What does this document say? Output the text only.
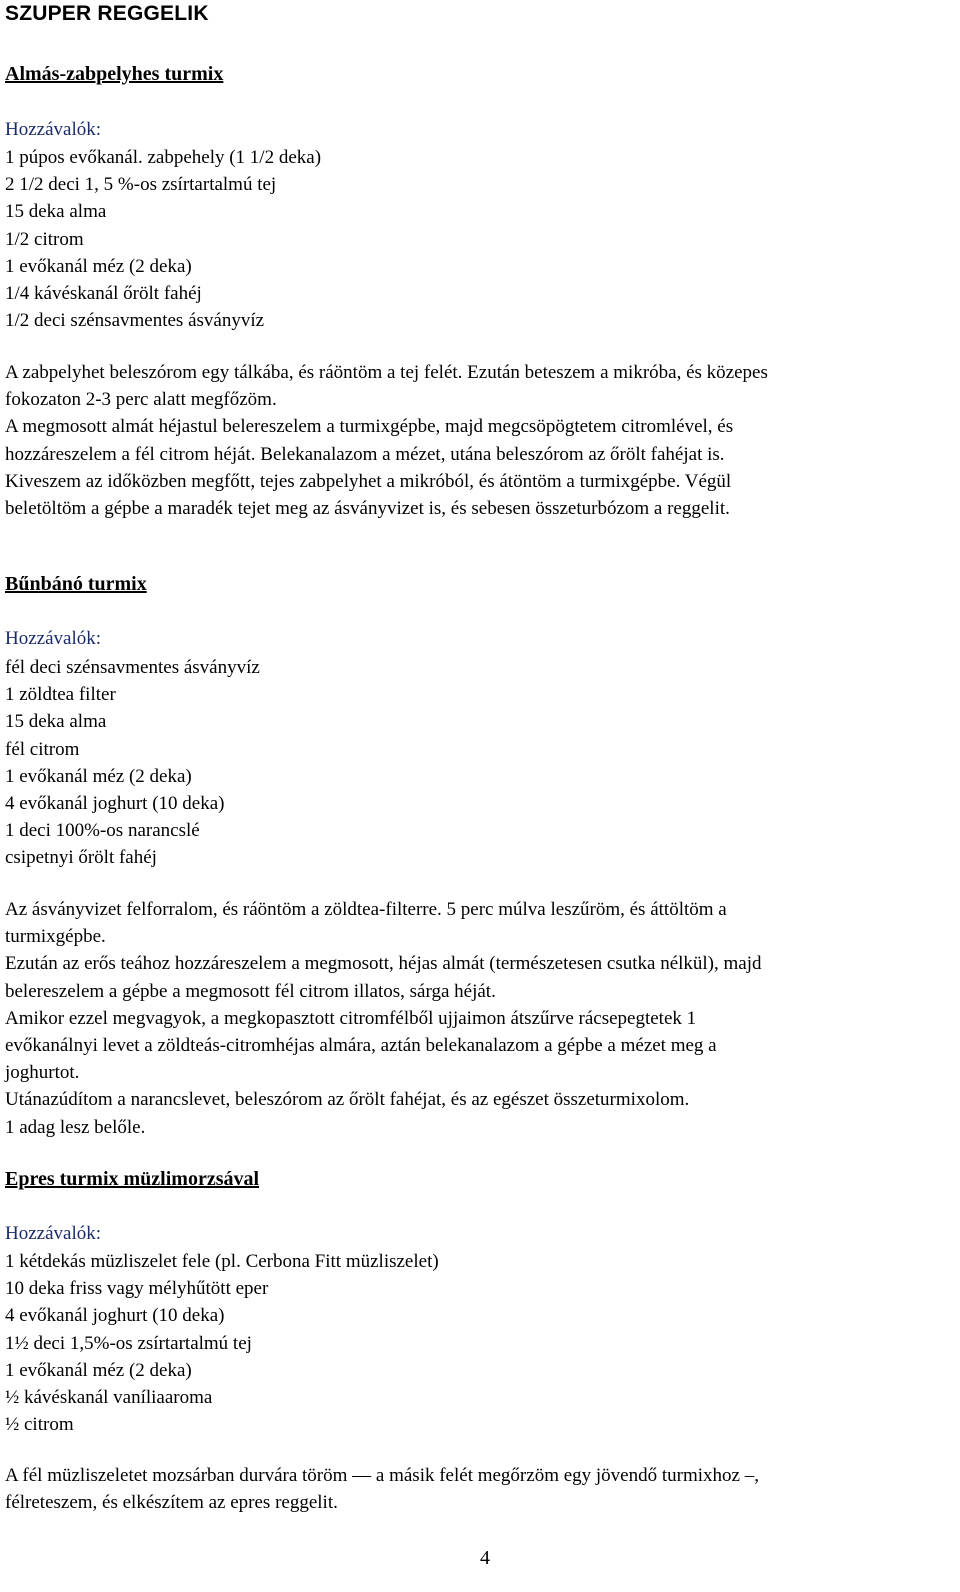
SZUPER REGGELIK
Almás-zabpelyhes turmix
Hozzávalók:
1 púpos evőkanál. zabpehely (1 1/2 deka)
2 1/2 deci 1, 5 %-os zsírtartalmú tej
15 deka alma
1/2 citrom
1 evőkanál méz (2 deka)
1/4 kávéskanál őrölt fahéj
1/2 deci szénsavmentes ásványvíz
A zabpelyhet beleszórom egy tálkába, és ráöntöm a tej felét. Ezután beteszem a mikróba, és közepes
fokozaton 2-3 perc alatt megfőzöm.
A megmosott almát héjastul belereszelem a turmixgépbe, majd megcsöpögtetem citromlével, és
hozzáreszelem a fél citrom héját. Belekanalazom a mézet, utána beleszórom az őrölt fahéjat is.
Kiveszem az időközben megfőtt, tejes zabpelyhet a mikróból, és átöntöm a turmixgépbe. Végül
beletöltöm a gépbe a maradék tejet meg az ásványvizet is, és sebesen összeturbózom a reggelit.
Bűnbánó turmix
Hozzávalók:
fél deci szénsavmentes ásványvíz
1 zöldtea filter
15 deka alma
fél citrom
1 evőkanál méz (2 deka)
4 evőkanál joghurt (10 deka)
1 deci 100%-os narancslé
csipetnyi őrölt fahéj
Az ásványvizet felforralom, és ráöntöm a zöldtea-filterre. 5 perc múlva leszűröm, és áttöltöm a
turmixgépbe.
Ezután az erős teához hozzáreszelem a megmosott, héjas almát (természetesen csutka nélkül), majd
belereszelem a gépbe a megmosott fél citrom illatos, sárga héját.
Amikor ezzel megvagyok, a megkopasztott citromfélből ujjaimon átszűrve rácsepegtetek 1
evőkanálnyi levet a zöldteás-citromhéjas almára, aztán belekanalazom a gépbe a mézet meg a
joghurtot.
Utánazúdítom a narancslevet, beleszórom az őrölt fahéjat, és az egészet összeturmixolom.
1 adag lesz belőle.
Epres turmix müzlimorzsával
Hozzávalók:
1 kétdekás müzliszelet fele (pl. Cerbona Fitt müzliszelet)
10 deka friss vagy mélyhűtött eper
4 evőkanál joghurt (10 deka)
1½ deci 1,5%-os zsírtartalmú tej
1 evőkanál méz (2 deka)
½ kávéskanál vaníliaaroma
½ citrom
A fél müzliszeletet mozsárban durvára töröm — a másik felét megőrzöm egy jövendő turmixhoz –,
félreteszem, és elkészítem az epres reggelit.
4
